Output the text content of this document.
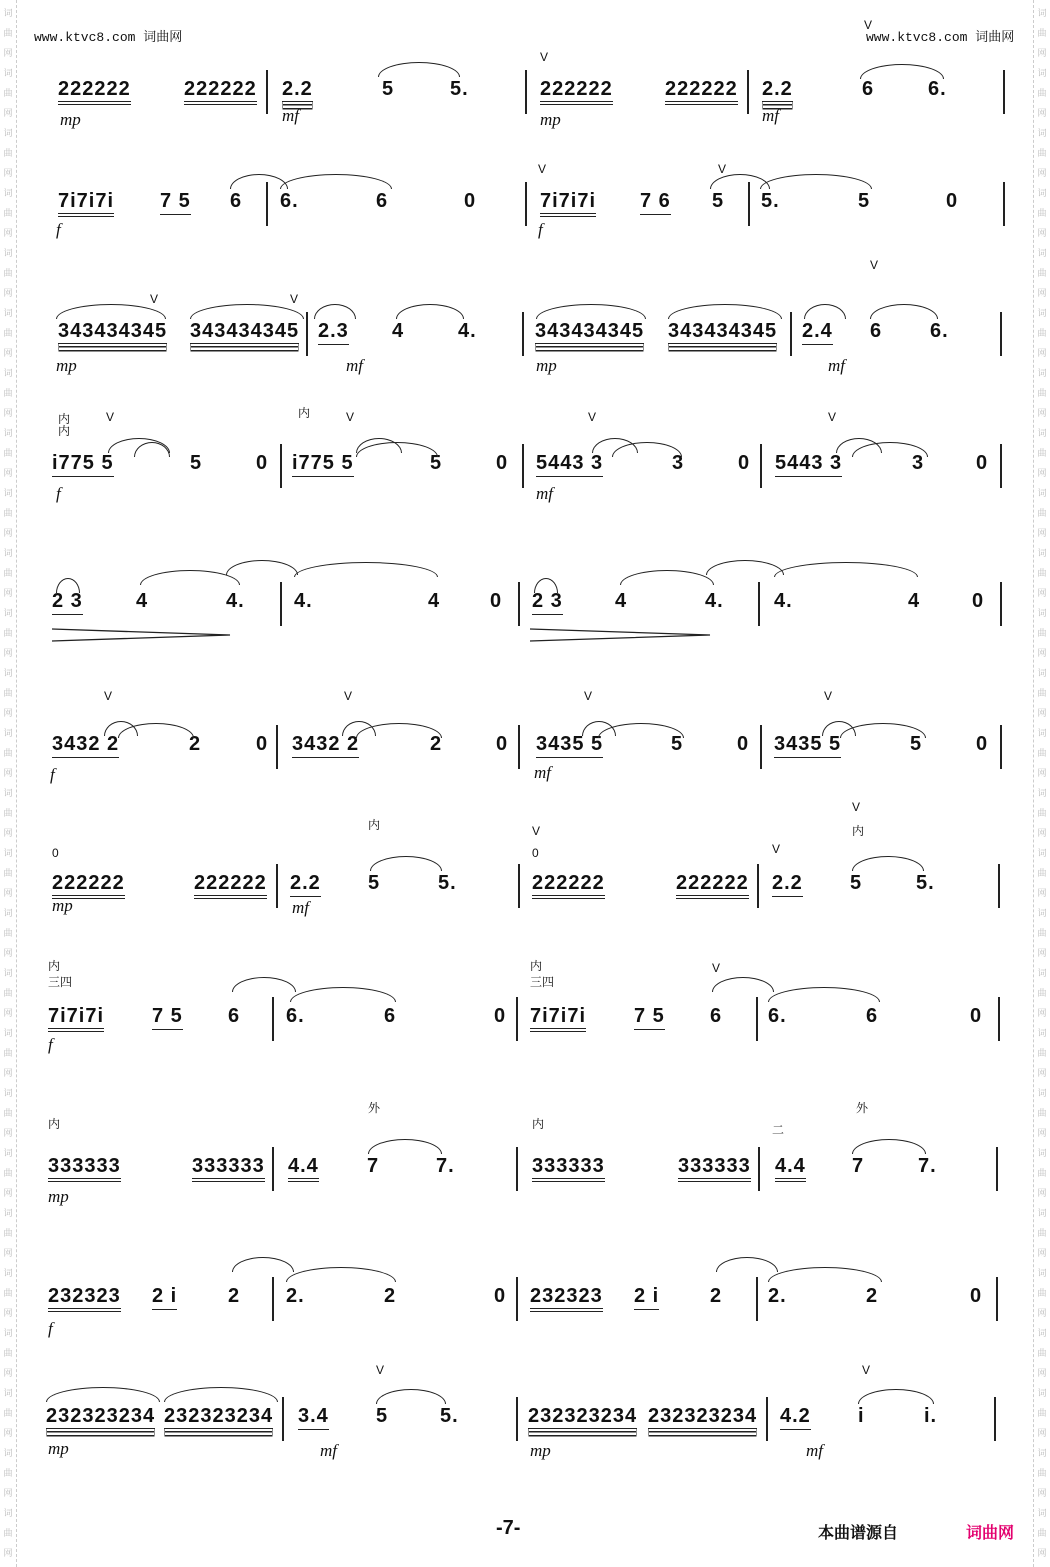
词
曲
网
词
曲
网
词
曲
网
词
曲
网
词
曲
网
词
曲
网
词
曲
网
词
曲
网
词
曲
网
词
曲
网
词
曲
网
词
曲
网
词
曲
网
词
曲
网
词
曲
网
词
曲
网
词
曲
网
词
曲
网
词
曲
网
词
曲
网
词
曲
网
词
曲
网
词
曲
网
词
曲
网
词
曲
网
词
曲
网
词
曲
网
词
曲
网
词
曲
网
词
曲
网
词
曲
网
词
曲
网
词
曲
网
词
曲
网
词
曲
网
词
曲
网
词
曲
网
词
曲
网
词
曲
网
词
曲
网
词
曲
网
词
曲
网
词
曲
网
词
曲
网
词
曲
网
词
曲
网
词
曲
网
词
曲
网
词
曲
网
词
曲
网
词
曲
网
词
曲
网
www.ktvc8.com 词曲网	www.ktvc8.com 词曲网
222222	222222 2.2	5	5.	222222	222222 2.2	6	6.
mp	mf	mp	mf
V
V
7i7i7i 7 5 6 6.	6	0	7i7i7i 7 6 5 5.	5	0
f	f
V	V
343434345 343434345 2.3 4	4.	343434345 343434345 2.4 6 6.
mp	mf	mp	mf
V	V
V
i775 5	5	0 i775 5	5	0 5443 3	3	0 5443 3	3	0
f	mf
V	V	V	V
内
内
内
2 3	4	4. 4.	4 0 2 3	4	4.	4.	4	0
3432 2	2	0 3432 2	2	0 3435 5	5	0 3435 5	5	0
f	mf
V	V	V	V
222222	222222 2.2 5	5.	222222	222222 2.2 5	5.
mp	mf
V
V
V
内	内
0	0
7i7i7i 7 5 6 6.	6	0 7i7i7i 7 5 6 6.	6	0
f
V
内
三四
内
三四
333333	333333 4.4 7	7.	333333	333333 4.4 7	7.
mp
内
外
内
外
二
232323 2 i	2 2.	2	0 232323 2 i	2 2.	2	0
f
232323234 232323234 3.4 5	5.	232323234 232323234 4.2 i	i.
mp	mf	mp	mf
V	V
-7-	本曲谱源自	词曲网
